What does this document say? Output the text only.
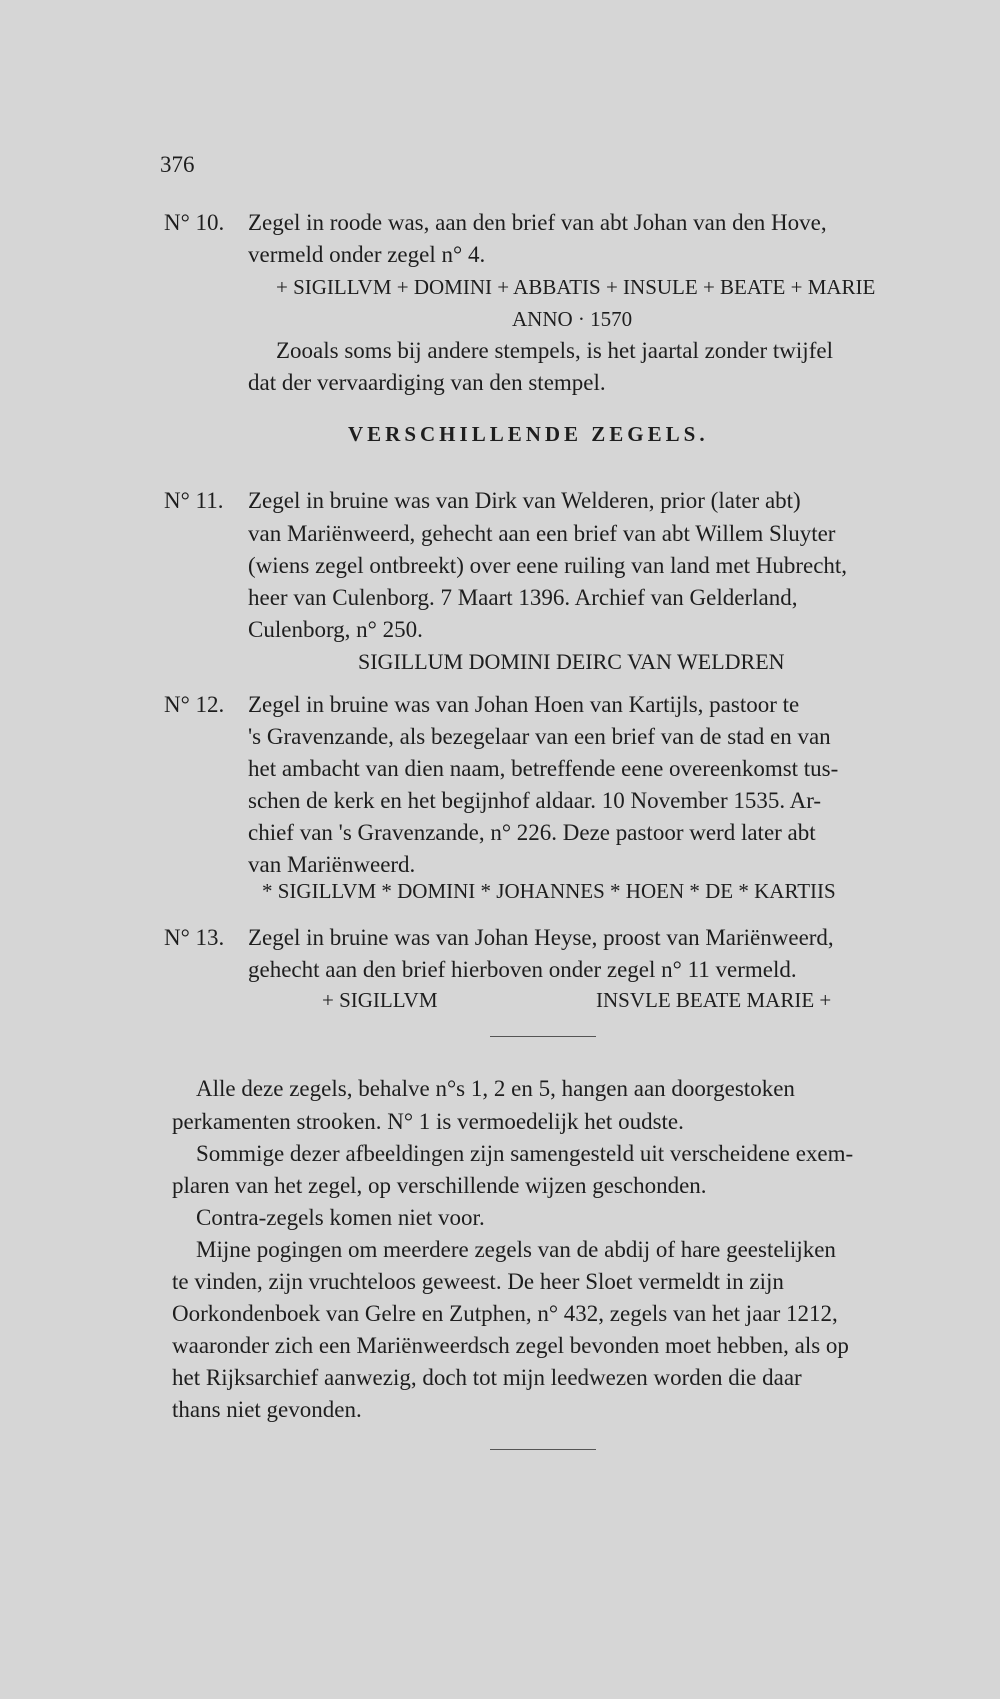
376
N° 10. Zegel in roode was, aan den brief van abt Johan van den Hove,
vermeld onder zegel n° 4.
+ SIGILLVM + DOMINI + ABBATIS + INSULE + BEATE + MARIE
ANNO · 1570
Zooals soms bij andere stempels, is het jaartal zonder twijfel
dat der vervaardiging van den stempel.
VERSCHILLENDE ZEGELS.
N° 11. Zegel in bruine was van Dirk van Welderen, prior (later abt)
van Mariënweerd, gehecht aan een brief van abt Willem Sluyter
(wiens zegel ontbreekt) over eene ruiling van land met Hubrecht,
heer van Culenborg. 7 Maart 1396. Archief van Gelderland,
Culenborg, n° 250.
SIGILLUM DOMINI DEIRC VAN WELDREN
N° 12. Zegel in bruine was van Johan Hoen van Kartijls, pastoor te
's Gravenzande, als bezegelaar van een brief van de stad en van
het ambacht van dien naam, betreffende eene overeenkomst tus-
schen de kerk en het begijnhof aldaar. 10 November 1535. Ar-
chief van 's Gravenzande, n° 226. Deze pastoor werd later abt
van Mariënweerd.
* SIGILLVM * DOMINI * JOHANNES * HOEN * DE * KARTIIS
N° 13. Zegel in bruine was van Johan Heyse, proost van Mariënweerd,
gehecht aan den brief hierboven onder zegel n° 11 vermeld.
+ SIGILLVM	INSVLE BEATE MARIE +
Alle deze zegels, behalve n°s 1, 2 en 5, hangen aan doorgestoken
perkamenten strooken. N° 1 is vermoedelijk het oudste.
Sommige dezer afbeeldingen zijn samengesteld uit verscheidene exem-
plaren van het zegel, op verschillende wijzen geschonden.
Contra-zegels komen niet voor.
Mijne pogingen om meerdere zegels van de abdij of hare geestelijken
te vinden, zijn vruchteloos geweest. De heer Sloet vermeldt in zijn
Oorkondenboek van Gelre en Zutphen, n° 432, zegels van het jaar 1212,
waaronder zich een Mariënweerdsch zegel bevonden moet hebben, als op
het Rijksarchief aanwezig, doch tot mijn leedwezen worden die daar
thans niet gevonden.
